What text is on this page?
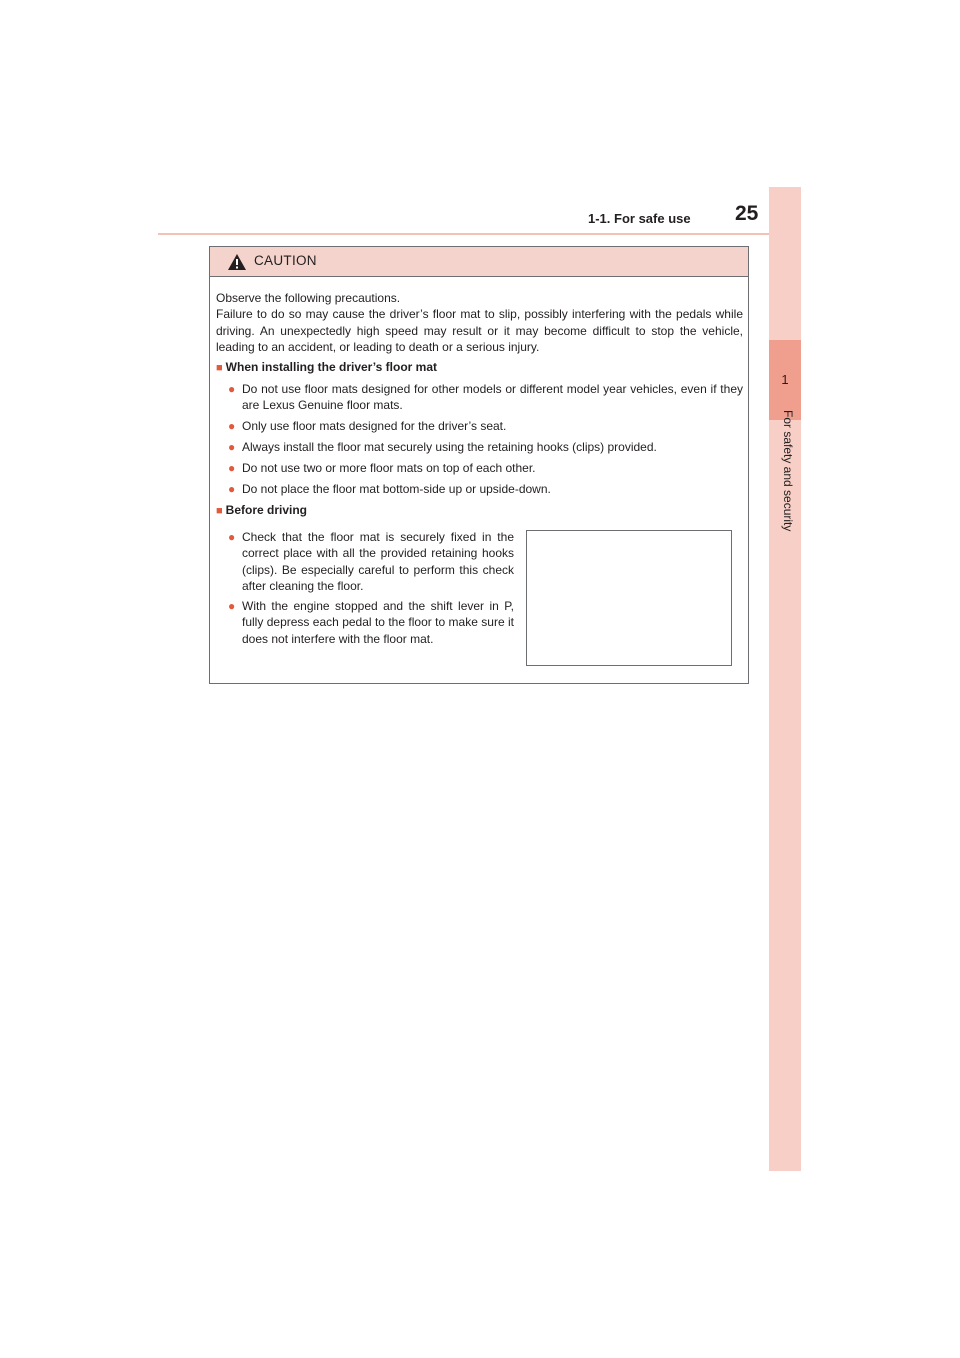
1-1. For safe use 25
1
For safety and security
CAUTION

Observe the following precautions.

Failure to do so may cause the driver’s floor mat to slip, possibly interfering with the pedals while driving. An unexpectedly high speed may result or it may become difficult to stop the vehicle, leading to an accident, or leading to death or a serious injury.

■ When installing the driver’s floor mat
● Do not use floor mats designed for other models or different model year vehicles, even if they are Lexus Genuine floor mats.
● Only use floor mats designed for the driver’s seat.
● Always install the floor mat securely using the retaining hooks (clips) provided.
● Do not use two or more floor mats on top of each other.
● Do not place the floor mat bottom-side up or upside-down.
■ Before driving
● Check that the floor mat is securely fixed in the correct place with all the provided retaining hooks (clips). Be especially careful to perform this check after cleaning the floor.
● With the engine stopped and the shift lever in P, fully depress each pedal to the floor to make sure it does not interfere with the floor mat.
